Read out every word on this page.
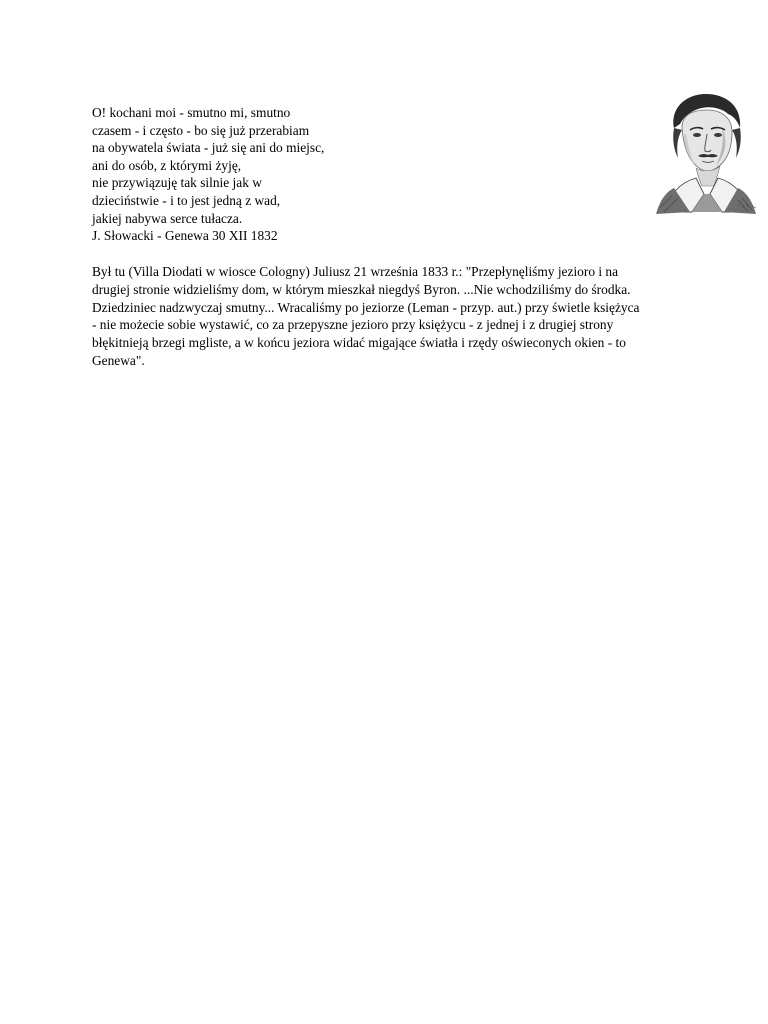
O! kochani moi - smutno mi, smutno
czasem - i często - bo się już przerabiam
na obywatela świata - już się ani do miejsc,
ani do osób, z którymi żyję,
nie przywiązuję tak silnie jak w
dzieciństwie - i to jest jedną z wad,
jakiej nabywa serce tułacza.
J. Słowacki - Genewa 30 XII 1832
Był tu (Villa Diodati w wiosce Cologny) Juliusz 21 września 1833 r.: "Przepłynęliśmy jezioro i na
drugiej stronie widzieliśmy dom, w którym mieszkał niegdyś Byron. ...Nie wchodziliśmy do środka.
Dziedziniec nadzwyczaj smutny... Wracaliśmy po jeziorze (Leman - przyp. aut.) przy świetle księżyca
- nie możecie sobie wystawić, co za przepyszne jezioro przy księżycu - z jednej i z drugiej strony
błękitnieją brzegi mgliste, a w końcu jeziora widać migające światła i rzędy oświeconych okien - to
Genewa".
